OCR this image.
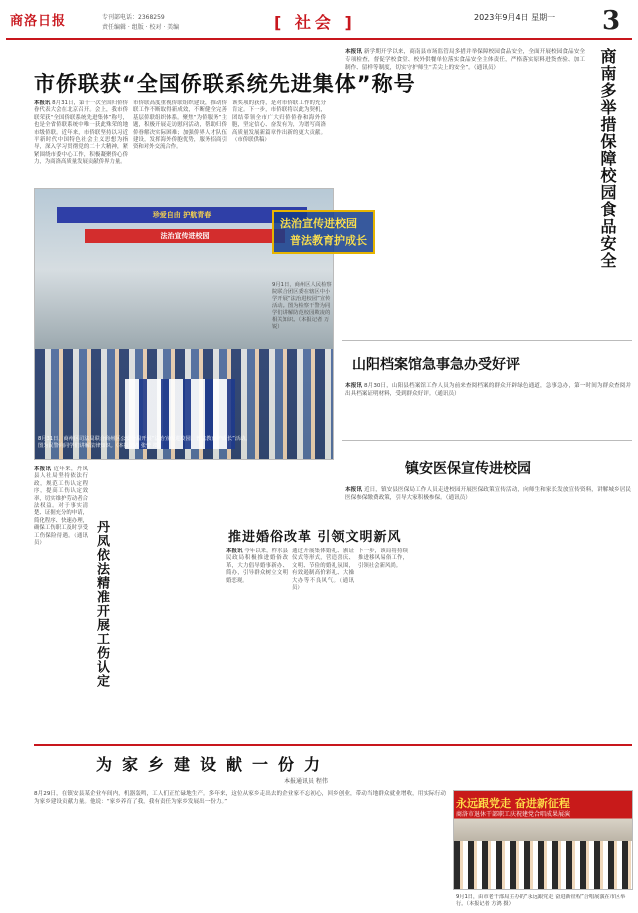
商洛日报	专刊部电话：2368259
责任编辑 · 组版 · 校对 · 美编	[ 社会 ]	2023年9月4日 星期一 3
市侨联获“全国侨联系统先进集体”称号
本报讯 8月31日，第十一次全国归侨侨眷代表大会在北京召开。会上，我市侨联荣获“全国侨联系统先进集体”称号，也是全省侨联系统中唯一获此殊荣的地市级侨联。近年来，市侨联坚持以习近平新时代中国特色社会主义思想为指导，深入学习贯彻党的二十大精神，紧紧围绕市委中心工作，积极凝聚侨心侨力，为商洛高质量发展贡献侨界力量。
市侨联高度重视侨联组织建设，推动侨联工作不断取得新成效，不断健全完善基层侨联组织体系。聚焦“为侨服务”主题，积极开展走访慰问活动，帮助归侨侨眷解决实际困难；加强侨界人才队伍建设，发挥海外侨胞优势，服务招商引资和对外交流合作。
该奖项的获得，是对市侨联工作的充分肯定。下一步，市侨联将以此为契机，团结带领全市广大归侨侨眷和海外侨胞，坚定信心、奋发有为，为谱写商洛高质量发展新篇章作出新的更大贡献。（市侨联供稿）
珍爱自由 护航青春
法治宣传进校园
法治宣传进校园
普法教育护成长
8月31日，商州区司法局联合商州区公安分局开展“法治宣传进校园，普法教育护成长”活动。图为民警向同学们讲解法律知识。（本报记者 张蕾 摄）
9月1日，商州区人民检察院联合团区委在辖区中小学开展“法治进校园”宣传活动。图为检察干警为同学们讲解防范校园欺凌的相关知识。（本报记者 万锐）
商南多举措保障校园食品安全
本报讯 新学期开学以来，商南县市场监管局多措并举保障校园食品安全，全面开展校园食品安全专项检查，督促学校食堂、校外供餐单位落实食品安全主体责任，严格落实原料进货查验、加工制作、留样等制度，切实守护师生“舌尖上的安全”。（通讯员）
山阳档案馆急事急办受好评
本报讯 8月30日，山阳县档案馆工作人员为前来查阅档案的群众开辟绿色通道，急事急办，第一时间为群众查阅并出具档案证明材料，受到群众好评。（通讯员）
镇安医保宣传进校园
本报讯 近日，镇安县医保局工作人员走进校园开展医保政策宣传活动，向师生和家长发放宣传资料，讲解城乡居民医保参保缴费政策，引导大家积极参保。（通讯员）
本报讯 近年来，丹凤县人社局坚持依法行政，规范工伤认定程序，提高工伤认定效率，切实维护劳动者合法权益。对于事实清楚、证据充分的申请，简化程序、快速办理，确保工伤职工及时享受工伤保险待遇。（通讯员）	丹凤依法精准开展工伤认定	推进婚俗改革 引领文明新风
本报讯 今年以来，柞水县民政局积极推进婚俗改革，大力倡导婚事新办、简办，引导群众树立文明婚恋观。
通过开展集体婚礼、颁证仪式等形式，营造喜庆、文明、节俭的婚礼氛围，有效遏制高价彩礼、大操大办等不良风气。（通讯员）
下一步，该局将持续推进移风易俗工作，引领社会新风尚。
为家乡建设献一份力
本报通讯员 程伟
8月29日，在镇安县某企业车间内，机器轰鸣，工人们正忙碌地生产。多年来，这位从家乡走出去的企业家不忘初心，回乡创业，带动当地群众就业增收，用实际行动为家乡建设贡献力量。他说：“家乡养育了我，我有责任为家乡发展出一份力。”	永远跟党走 奋进新征程
商洛市退休干部职工庆祝建党合唱成果展演
9月1日，由市老干部局主办的“永远跟党走 奋进新征程”合唱展演在市区举行。（本报记者 方鸿 摄）
